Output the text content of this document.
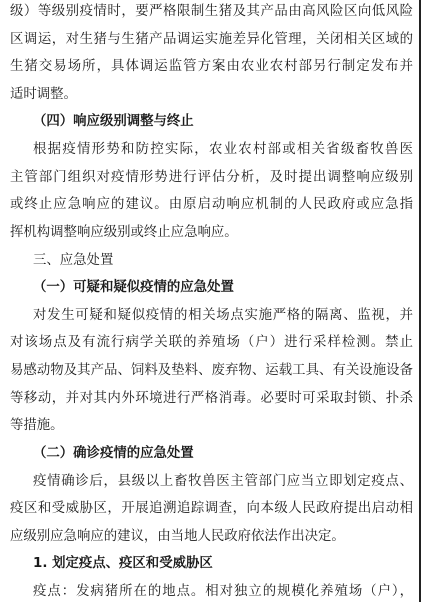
级）等级别疫情时，要严格限制生猪及其产品由高风险区向低风险
区调运，对生猪与生猪产品调运实施差异化管理，关闭相关区域的
生猪交易场所，具体调运监管方案由农业农村部另行制定发布并
适时调整。
（四）响应级别调整与终止
根据疫情形势和防控实际，农业农村部或相关省级畜牧兽医
主管部门组织对疫情形势进行评估分析，及时提出调整响应级别
或终止应急响应的建议。由原启动响应机制的人民政府或应急指
挥机构调整响应级别或终止应急响应。
三、应急处置
（一）可疑和疑似疫情的应急处置
对发生可疑和疑似疫情的相关场点实施严格的隔离、监视，并
对该场点及有流行病学关联的养殖场（户）进行采样检测。禁止
易感动物及其产品、饲料及垫料、废弃物、运载工具、有关设施设备
等移动，并对其内外环境进行严格消毒。必要时可采取封锁、扑杀
等措施。
（二）确诊疫情的应急处置
疫情确诊后，县级以上畜牧兽医主管部门应当立即划定疫点、
疫区和受威胁区，开展追溯追踪调查，向本级人民政府提出启动相
应级别应急响应的建议，由当地人民政府依法作出决定。
1. 划定疫点、疫区和受威胁区
疫点：发病猪所在的地点。相对独立的规模化养殖场（户），
